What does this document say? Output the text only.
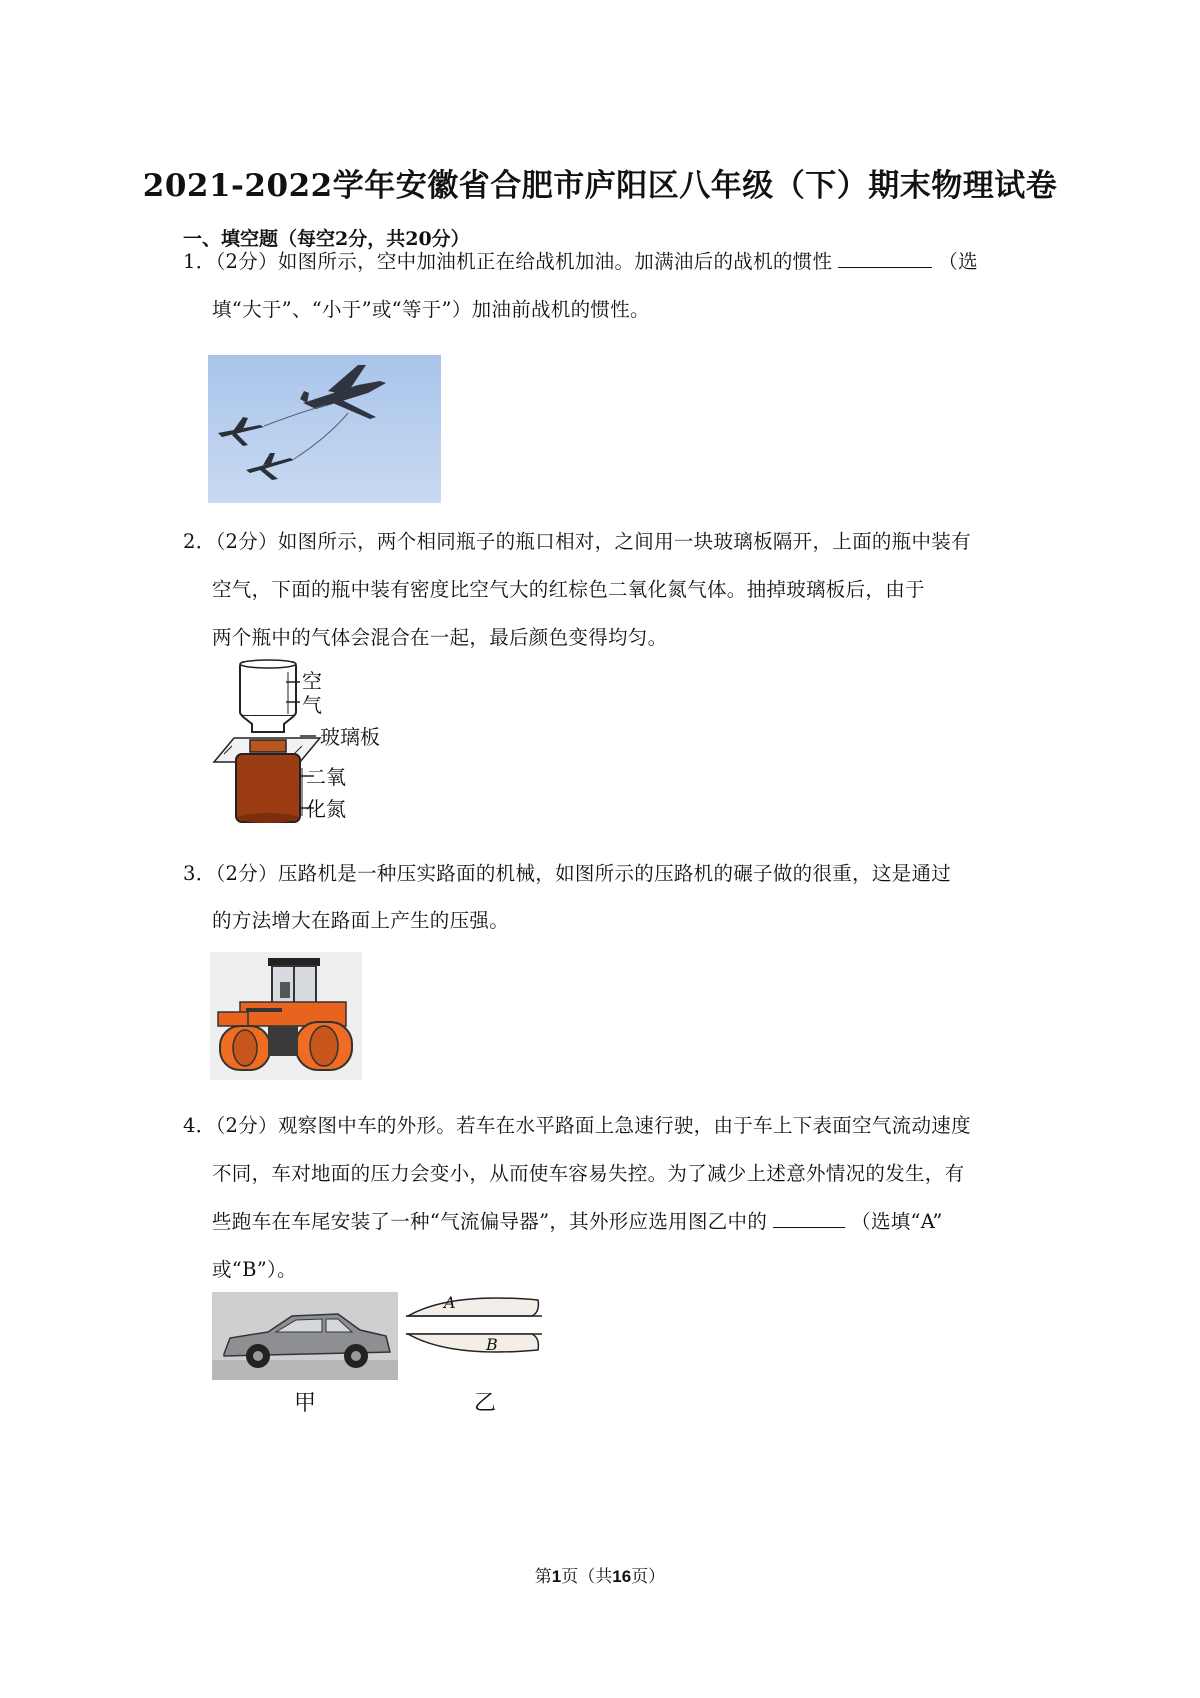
2021-2022学年安徽省合肥市庐阳区八年级（下）期末物理试卷
一、填空题（每空2分，共20分）
1．（2分）如图所示，空中加油机正在给战机加油。加满油后的战机的惯性	（选
填“大于”、“小于”或“等于”）加油前战机的惯性。
2．（2分）如图所示，两个相同瓶子的瓶口相对，之间用一块玻璃板隔开，上面的瓶中装有
空气，下面的瓶中装有密度比空气大的红棕色二氧化氮气体。抽掉玻璃板后，由于
两个瓶中的气体会混合在一起，最后颜色变得均匀。
空
气
玻璃板
二氧
化氮
3．（2分）压路机是一种压实路面的机械，如图所示的压路机的碾子做的很重，这是通过
的方法增大在路面上产生的压强。
4．（2分）观察图中车的外形。若车在水平路面上急速行驶，由于车上下表面空气流动速度
不同，车对地面的压力会变小，从而使车容易失控。为了减少上述意外情况的发生，有
些跑车在车尾安装了一种“气流偏导器”，其外形应选用图乙中的	（选填“A”
或“B”）。
A
B
甲	乙
第1页（共16页）
